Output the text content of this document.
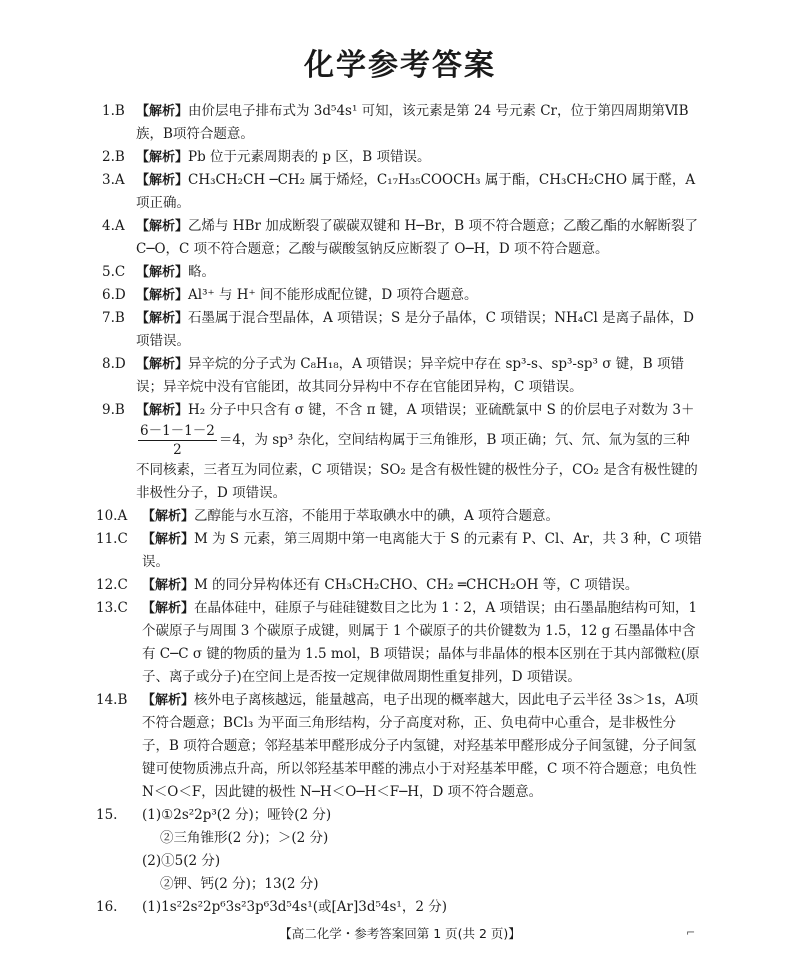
化学参考答案
1.B 【解析】由价层电子排布式为 3d⁵4s¹ 可知，该元素是第 24 号元素 Cr，位于第四周期第ⅥB族，B项符合题意。
2.B 【解析】Pb 位于元素周期表的 p 区，B 项错误。
3.A 【解析】CH₃CH₂CH ─CH₂ 属于烯烃，C₁₇H₃₅COOCH₃ 属于酯，CH₃CH₂CHO 属于醛，A项正确。
4.A 【解析】乙烯与 HBr 加成断裂了碳碳双键和 H─Br，B 项不符合题意；乙酸乙酯的水解断裂了 C─O，C 项不符合题意；乙酸与碳酸氢钠反应断裂了 O─H，D 项不符合题意。
5.C 【解析】略。
6.D 【解析】Al³⁺ 与 H⁺ 间不能形成配位键，D 项符合题意。
7.B 【解析】石墨属于混合型晶体，A 项错误；S 是分子晶体，C 项错误；NH₄Cl 是离子晶体，D项错误。
8.D 【解析】异辛烷的分子式为 C₈H₁₈，A 项错误；异辛烷中存在 sp³-s、sp³-sp³ σ 键，B 项错误；异辛烷中没有官能团，故其同分异构中不存在官能团异构，C 项错误。
9.B 【解析】H₂ 分子中只含有 σ 键，不含 π 键，A 项错误；亚硫酰氯中 S 的价层电子对数为 3＋
$\frac{6-1-1-2}{2} =4$，为 sp³ 杂化，空间结构属于三角锥形，B 项正确；氕、氘、氚为氢的三种不同核素，三者互为同位素，C 项错误；SO₂ 是含有极性键的极性分子，CO₂ 是含有极性键的非极性分子，D 项错误。
10.A 【解析】乙醇能与水互溶，不能用于萃取碘水中的碘，A 项符合题意。
11.C 【解析】M 为 S 元素，第三周期中第一电离能大于 S 的元素有 P、Cl、Ar，共 3 种，C 项错误。
12.C 【解析】M 的同分异构体还有 CH₃CH₂CHO、CH₂ ═CHCH₂OH 等，C 项错误。
13.C 【解析】在晶体硅中，硅原子与硅硅键数目之比为 1∶2，A 项错误；由石墨晶胞结构可知，1 个碳原子与周围 3 个碳原子成键，则属于 1 个碳原子的共价键数为 1.5，12 g 石墨晶体中含有 C─C σ 键的物质的量为 1.5 mol，B 项错误；晶体与非晶体的根本区别在于其内部微粒(原子、离子或分子)在空间上是否按一定规律做周期性重复排列，D 项错误。
14.B 【解析】核外电子离核越远，能量越高，电子出现的概率越大，因此电子云半径 3s＞1s，A项不符合题意；BCl₃ 为平面三角形结构，分子高度对称，正、负电荷中心重合，是非极性分子，B 项符合题意；邻羟基苯甲醛形成分子内氢键，对羟基苯甲醛形成分子间氢键，分子间氢键可使物质沸点升高，所以邻羟基苯甲醛的沸点小于对羟基苯甲醛，C 项不符合题意；电负性 N＜O＜F，因此键的极性 N─H＜O─H＜F─H，D 项不符合题意。
15.	(1)①2s²2p³(2 分)；哑铃(2 分)
②三角锥形(2 分)；＞(2 分)
(2)①5(2 分)
②钾、钙(2 分)；13(2 分)
16.	(1)1s²2s²2p⁶3s²3p⁶3d⁵4s¹(或[Ar]3d⁵4s¹，2 分)
【高二化学・参考答案回第 1 页(共 2 页)】	⌐
